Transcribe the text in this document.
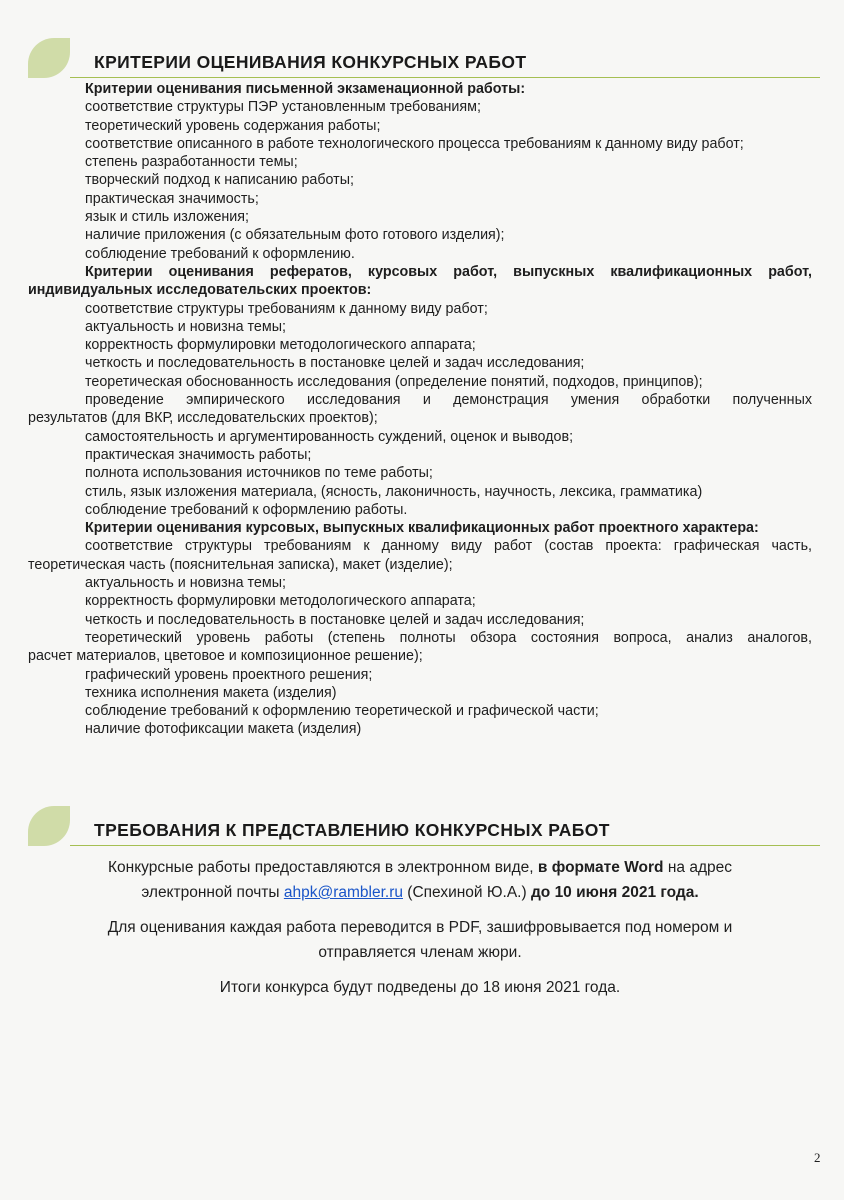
КРИТЕРИИ ОЦЕНИВАНИЯ КОНКУРСНЫХ РАБОТ
Критерии оценивания письменной экзаменационной работы:
соответствие структуры ПЭР установленным требованиям;
теоретический уровень содержания работы;
соответствие описанного в работе технологического процесса требованиям к данному виду работ;
степень разработанности темы;
творческий подход к написанию работы;
практическая значимость;
язык и стиль изложения;
наличие приложения (с обязательным фото готового изделия);
соблюдение требований к оформлению.
Критерии оценивания рефератов, курсовых работ, выпускных квалификационных работ,
индивидуальных исследовательских проектов:
соответствие структуры требованиям к данному виду работ;
актуальность и новизна темы;
корректность формулировки методологического аппарата;
четкость и последовательность в постановке целей и задач исследования;
теоретическая обоснованность исследования (определение понятий, подходов, принципов);
проведение эмпирического исследования и демонстрация умения обработки полученных
результатов (для ВКР, исследовательских проектов);
самостоятельность и аргументированность суждений, оценок и выводов;
практическая значимость работы;
полнота использования источников по теме работы;
стиль, язык изложения материала, (ясность, лаконичность, научность, лексика, грамматика)
соблюдение требований к оформлению работы.
Критерии оценивания курсовых, выпускных квалификационных работ проектного характера:
соответствие структуры требованиям к данному виду работ (состав проекта: графическая часть,
теоретическая часть (пояснительная записка), макет (изделие);
актуальность и новизна темы;
корректность формулировки методологического аппарата;
четкость и последовательность в постановке целей и задач исследования;
теоретический уровень работы (степень полноты обзора состояния вопроса, анализ аналогов,
расчет материалов, цветовое и композиционное решение);
графический уровень проектного решения;
техника исполнения макета (изделия)
соблюдение требований к оформлению теоретической и графической части;
наличие фотофиксации макета (изделия)
ТРЕБОВАНИЯ К ПРЕДСТАВЛЕНИЮ КОНКУРСНЫХ РАБОТ

Конкурсные работы предоставляются в электронном виде, в формате Word на адрес
электронной почты ahpk@rambler.ru (Спехиной Ю.А.) до 10 июня 2021 года.

Для оценивания каждая работа переводится в PDF, зашифровывается под номером и
отправляется членам жюри.

Итоги конкурса будут подведены до 18 июня 2021 года.

2
